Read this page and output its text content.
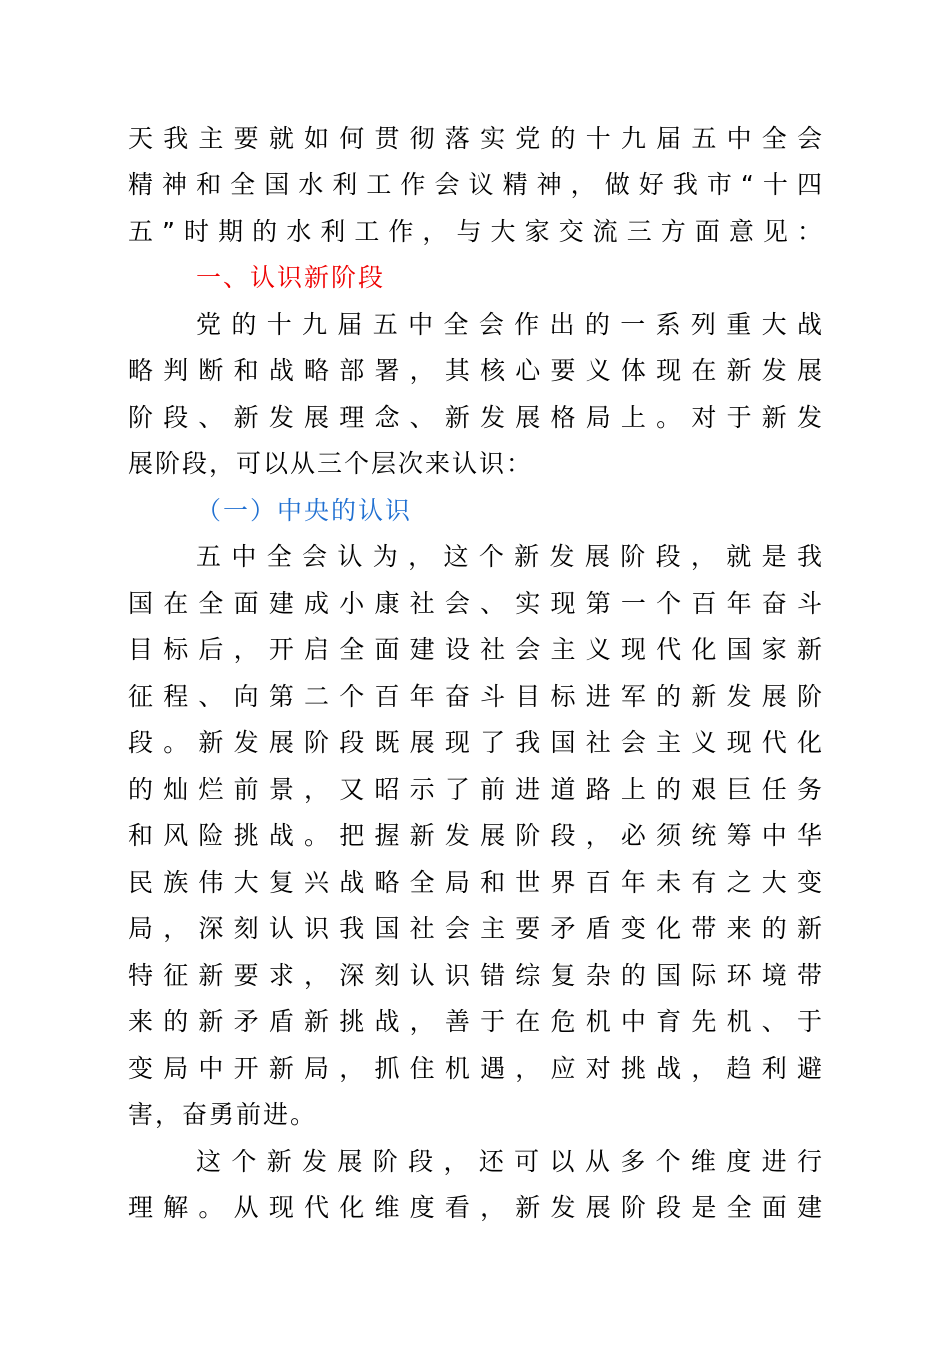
天我主要就如何贯彻落实党的十九届五中全会
精神和全国水利工作会议精神，做好我市“十四
五”时期的水利工作，与大家交流三方面意见：
一、认识新阶段
党的十九届五中全会作出的一系列重大战
略判断和战略部署，其核心要义体现在新发展
阶段、新发展理念、新发展格局上。对于新发
展阶段，可以从三个层次来认识：
（一）中央的认识
五中全会认为，这个新发展阶段，就是我
国在全面建成小康社会、实现第一个百年奋斗
目标后，开启全面建设社会主义现代化国家新
征程、向第二个百年奋斗目标进军的新发展阶
段。新发展阶段既展现了我国社会主义现代化
的灿烂前景，又昭示了前进道路上的艰巨任务
和风险挑战。把握新发展阶段，必须统筹中华
民族伟大复兴战略全局和世界百年未有之大变
局，深刻认识我国社会主要矛盾变化带来的新
特征新要求，深刻认识错综复杂的国际环境带
来的新矛盾新挑战，善于在危机中育先机、于
变局中开新局，抓住机遇，应对挑战，趋利避
害，奋勇前进。
这个新发展阶段，还可以从多个维度进行
理解。从现代化维度看，新发展阶段是全面建
